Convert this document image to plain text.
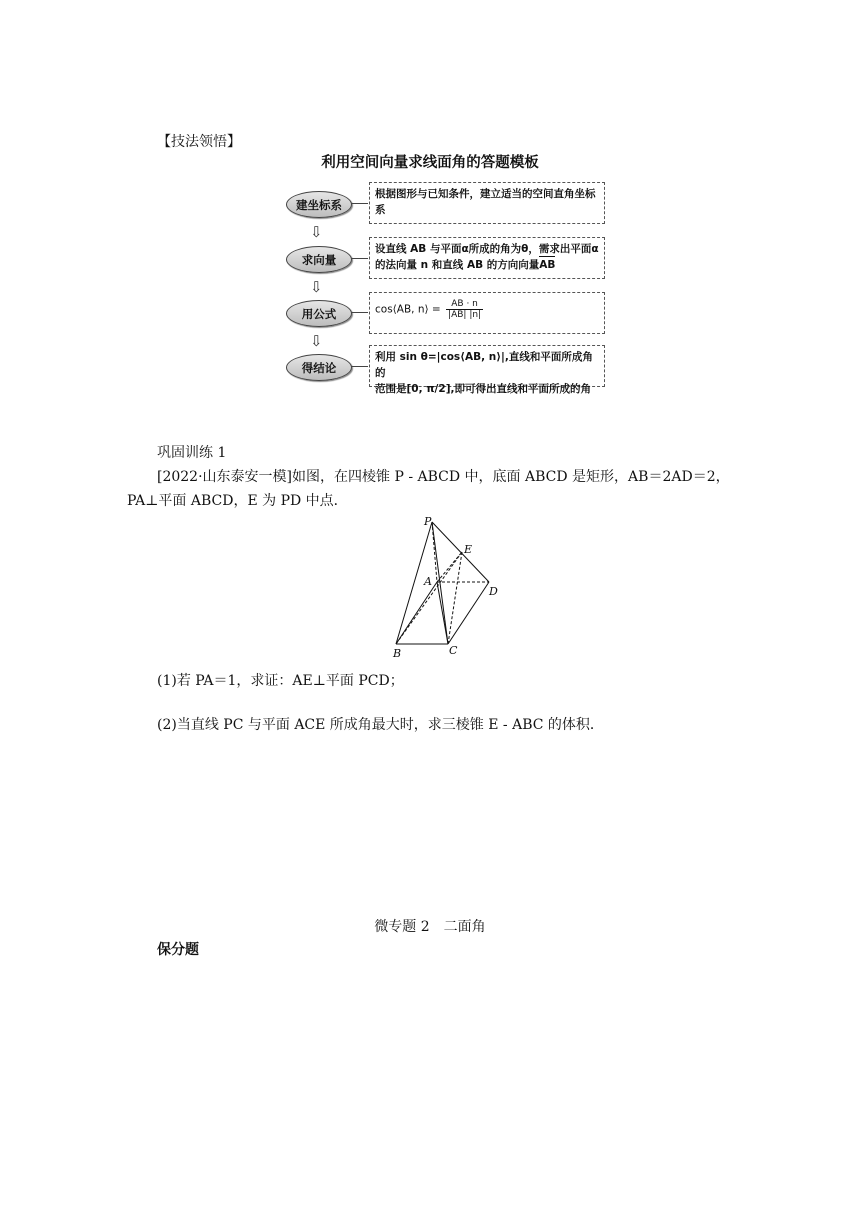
【技法领悟】
利用空间向量求线面角的答题模板
建坐标系
根据图形与已知条件，建立适当的空间直角坐标系
⇩
求向量
设直线 AB 与平面α所成的角为θ，需求出平面α的法向量 n 和直线 AB 的方向向量AB
⇩
用公式	cos⟨AB, n⟩ = $\frac{AB \cdot n}{|AB| |n|}$
⇩
得结论
利用 sin θ=|cos⟨AB, n⟩|,直线和平面所成角的
范围是[0, π/2],即可得出直线和平面所成的角
巩固训练 1
[2022·山东泰安一模]如图，在四棱锥 P - ABCD 中，底面 ABCD 是矩形，AB＝2AD＝2，
PA⊥平面 ABCD，E 为 PD 中点．
P
E
A
D
B	C
(1)若 PA＝1，求证：AE⊥平面 PCD；
(2)当直线 PC 与平面 ACE 所成角最大时，求三棱锥 E - ABC 的体积．
微专题 2　二面角
保分题
